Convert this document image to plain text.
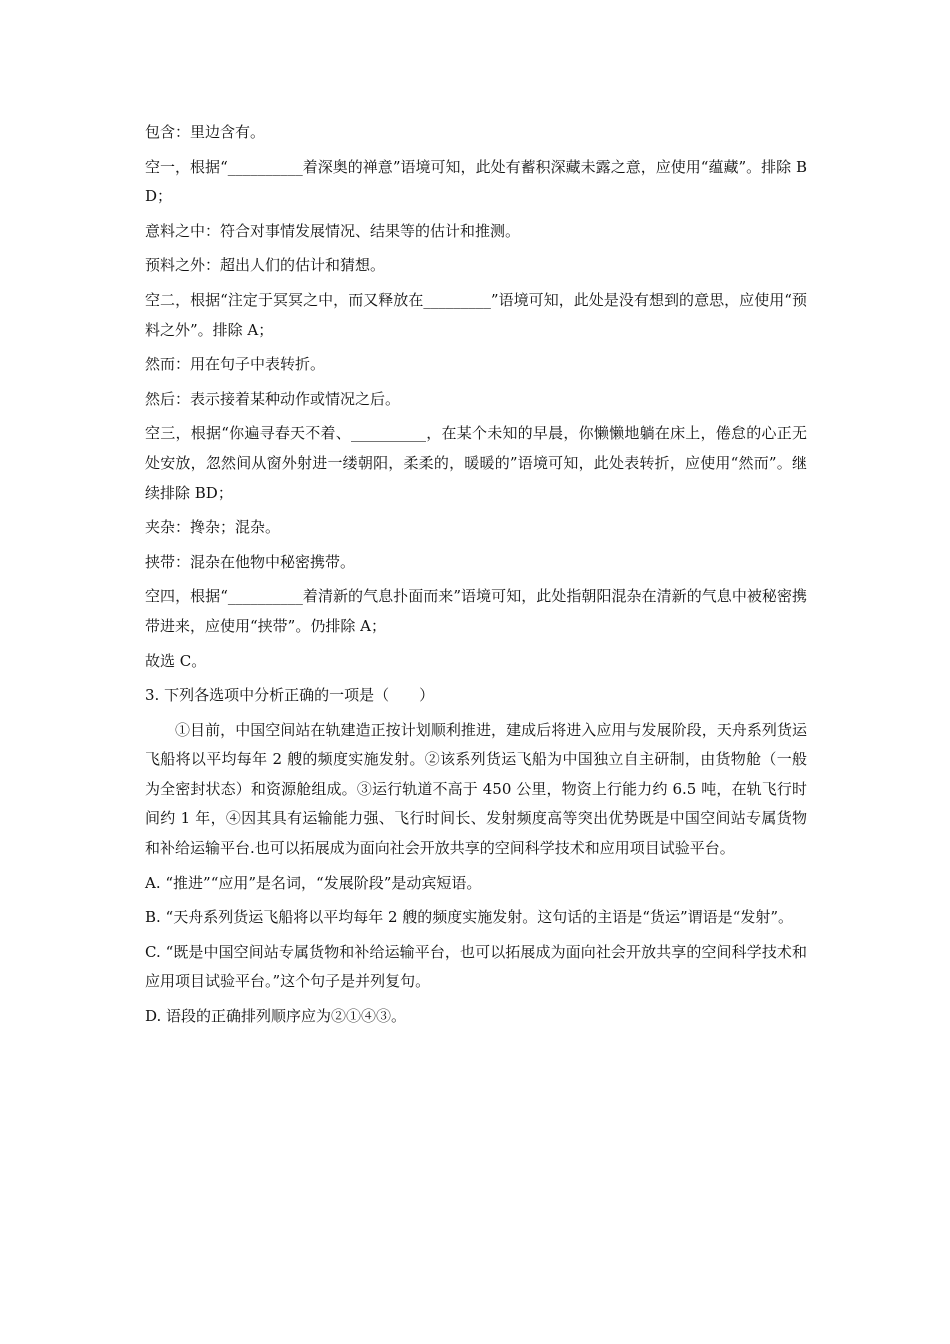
包含：里边含有。

空一，根据“__________着深奥的禅意”语境可知，此处有蓄积深藏未露之意，应使用“蕴藏”。排除 BD；

意料之中：符合对事情发展情况、结果等的估计和推测。

预料之外：超出人们的估计和猜想。

空二，根据“注定于冥冥之中，而又释放在_________”语境可知，此处是没有想到的意思，应使用“预料之外”。排除 A；

然而：用在句子中表转折。

然后：表示接着某种动作或情况之后。

空三，根据“你遍寻春天不着、__________，在某个未知的早晨，你懒懒地躺在床上，倦怠的心正无处安放，忽然间从窗外射进一缕朝阳，柔柔的，暖暖的”语境可知，此处表转折，应使用“然而”。继续排除 BD；

夹杂：搀杂；混杂。

挟带：混杂在他物中秘密携带。

空四，根据“__________着清新的气息扑面而来”语境可知，此处指朝阳混杂在清新的气息中被秘密携带进来，应使用“挟带”。仍排除 A；

故选 C。

3. 下列各选项中分析正确的一项是（　　）

①目前，中国空间站在轨建造正按计划顺利推进，建成后将进入应用与发展阶段，天舟系列货运飞船将以平均每年 2 艘的频度实施发射。②该系列货运飞船为中国独立自主研制，由货物舱（一般为全密封状态）和资源舱组成。③运行轨道不高于 450 公里，物资上行能力约 6.5 吨，在轨飞行时间约 1 年，④因其具有运输能力强、飞行时间长、发射频度高等突出优势既是中国空间站专属货物和补给运输平台.也可以拓展成为面向社会开放共享的空间科学技术和应用项目试验平台。

A. “推进”“应用”是名词，“发展阶段”是动宾短语。

B. “天舟系列货运飞船将以平均每年 2 艘的频度实施发射。这句话的主语是“货运”谓语是“发射”。

C. “既是中国空间站专属货物和补给运输平台，也可以拓展成为面向社会开放共享的空间科学技术和应用项目试验平台。”这个句子是并列复句。

D. 语段的正确排列顺序应为②①④③。
